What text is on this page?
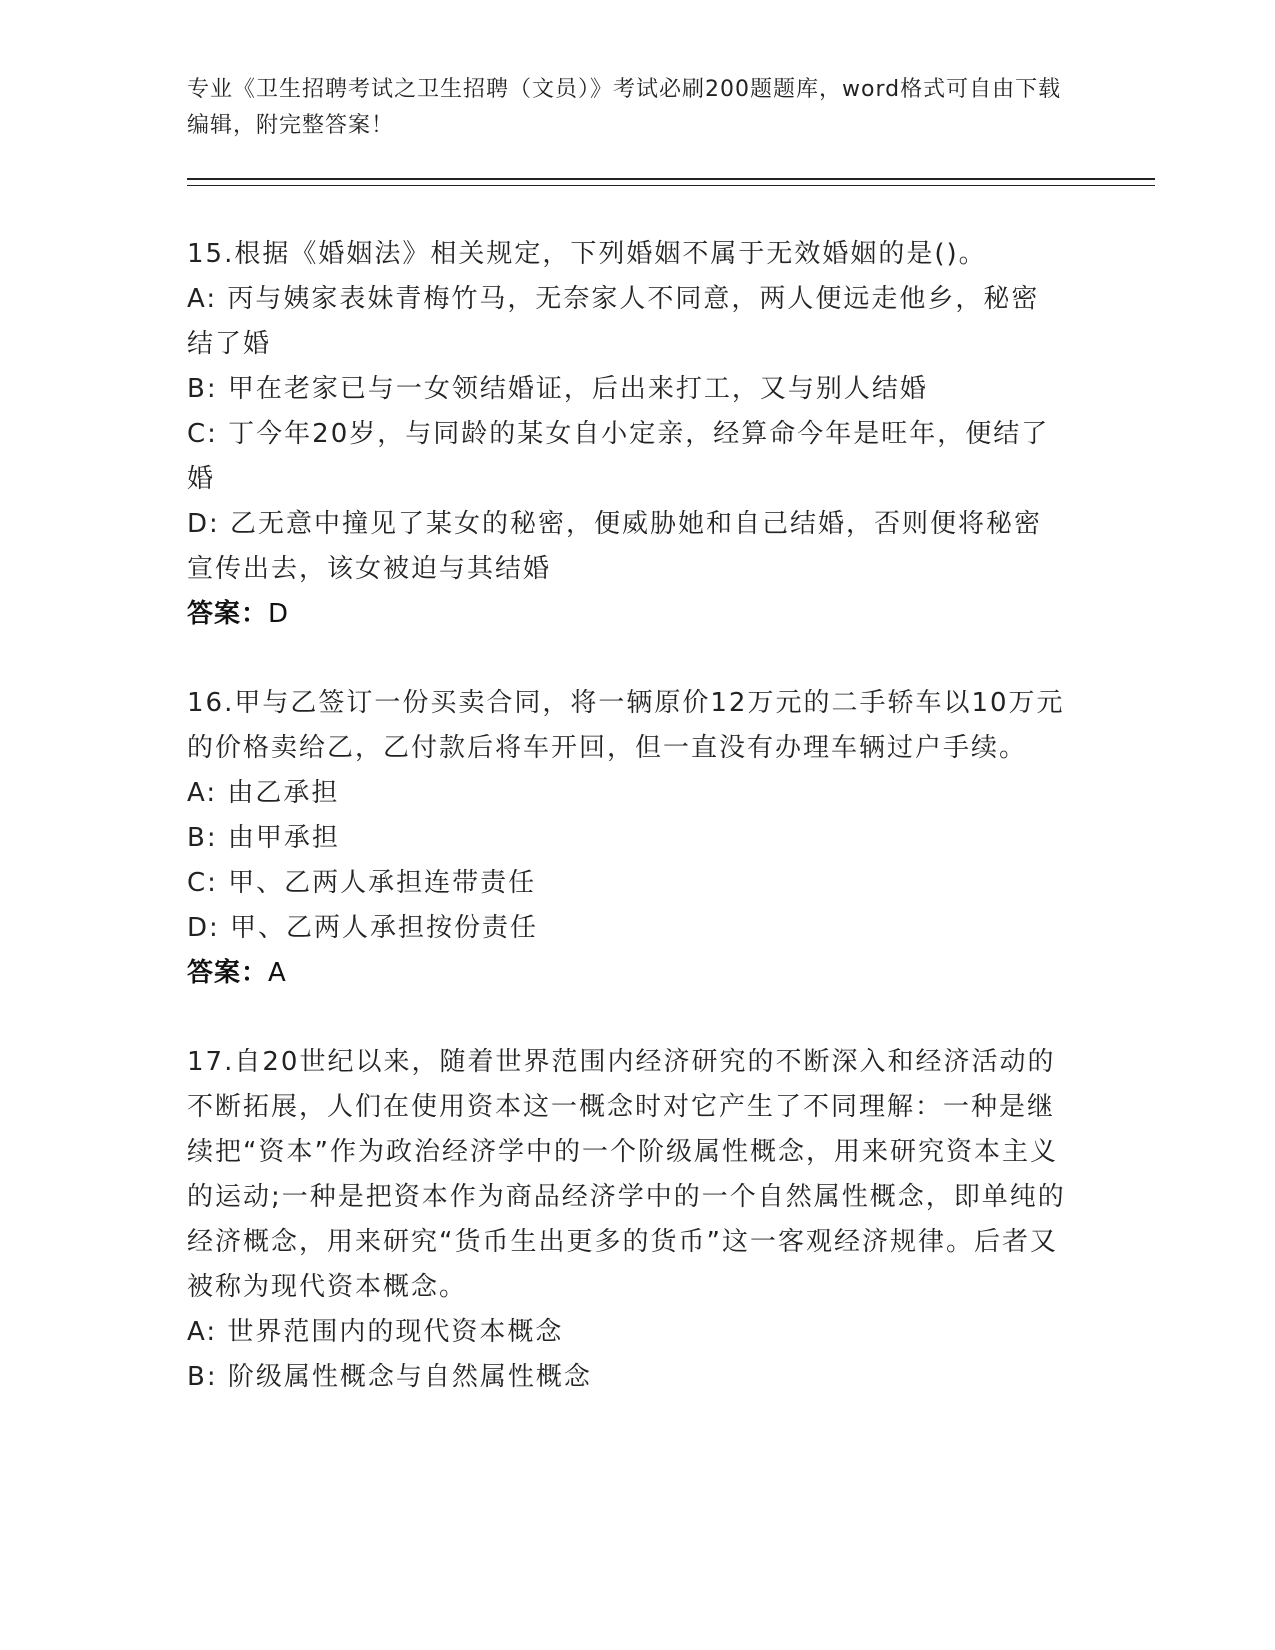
专业《卫生招聘考试之卫生招聘（文员）》考试必刷200题题库，word格式可自由下载编辑，附完整答案！

15.根据《婚姻法》相关规定，下列婚姻不属于无效婚姻的是()。

A: 丙与姨家表妹青梅竹马，无奈家人不同意，两人便远走他乡，秘密结了婚
B: 甲在老家已与一女领结婚证，后出来打工，又与别人结婚
C: 丁今年20岁，与同龄的某女自小定亲，经算命今年是旺年，便结了婚
D: 乙无意中撞见了某女的秘密，便威胁她和自己结婚，否则便将秘密宣传出去，该女被迫与其结婚

答案：D

16.甲与乙签订一份买卖合同，将一辆原价12万元的二手轿车以10万元的价格卖给乙，乙付款后将车开回，但一直没有办理车辆过户手续。

A: 由乙承担
B: 由甲承担
C: 甲、乙两人承担连带责任
D: 甲、乙两人承担按份责任

答案：A

17.自20世纪以来，随着世界范围内经济研究的不断深入和经济活动的不断拓展，人们在使用资本这一概念时对它产生了不同理解：一种是继续把“资本”作为政治经济学中的一个阶级属性概念，用来研究资本主义的运动;一种是把资本作为商品经济学中的一个自然属性概念，即单纯的经济概念，用来研究“货币生出更多的货币”这一客观经济规律。后者又被称为现代资本概念。

A: 世界范围内的现代资本概念
B: 阶级属性概念与自然属性概念
